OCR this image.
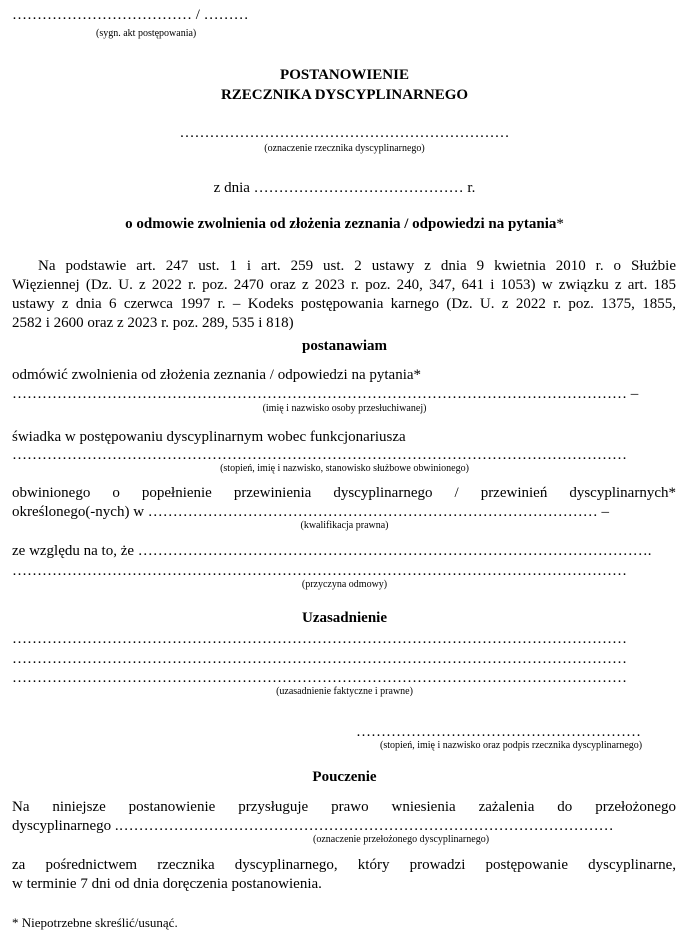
……………………………… / ………
(sygn. akt postępowania)
POSTANOWIENIE
RZECZNIKA DYSCYPLINARNEGO
…………………………………………………………
(oznaczenie rzecznika dyscyplinarnego)
z dnia …………………………………… r.
o odmowie zwolnienia od złożenia zeznania / odpowiedzi na pytania*
Na podstawie art. 247 ust. 1 i art. 259 ust. 2 ustawy z dnia 9 kwietnia 2010 r. o Służbie
Więziennej (Dz. U. z 2022 r. poz. 2470 oraz z 2023 r. poz. 240, 347, 641 i 1053) w związku z art. 185
ustawy z dnia 6 czerwca 1997 r. – Kodeks postępowania karnego (Dz. U. z 2022 r. poz. 1375, 1855,
2582 i 2600 oraz z 2023 r. poz. 289, 535 i 818)
postanawiam
odmówić zwolnienia od złożenia zeznania / odpowiedzi na pytania*
…………………………………………………………………………………………………………… –
(imię i nazwisko osoby przesłuchiwanej)
świadka w postępowaniu dyscyplinarnym wobec funkcjonariusza
……………………………………………………………………………………………………………
(stopień, imię i nazwisko, stanowisko służbowe obwinionego)
obwinionego o popełnienie przewinienia dyscyplinarnego / przewinień dyscyplinarnych*
określonego(-nych) w ……………………………………………………………………………… –
(kwalifikacja prawna)
ze względu na to, że ………………………………………………………………………………………….
……………………………………………………………………………………………………………
(przyczyna odmowy)
Uzasadnienie
……………………………………………………………………………………………………………
……………………………………………………………………………………………………………
……………………………………………………………………………………………………………
(uzasadnienie faktyczne i prawne)
…………………………………………………
(stopień, imię i nazwisko oraz podpis rzecznika dyscyplinarnego)
Pouczenie
Na niniejsze postanowienie przysługuje prawo wniesienia zażalenia do przełożonego
dyscyplinarnego .………………………………………………………………………………………
(oznaczenie przełożonego dyscyplinarnego)
za pośrednictwem rzecznika dyscyplinarnego, który prowadzi postępowanie dyscyplinarne,
w terminie 7 dni od dnia doręczenia postanowienia.
* Niepotrzebne skreślić/usunąć.
